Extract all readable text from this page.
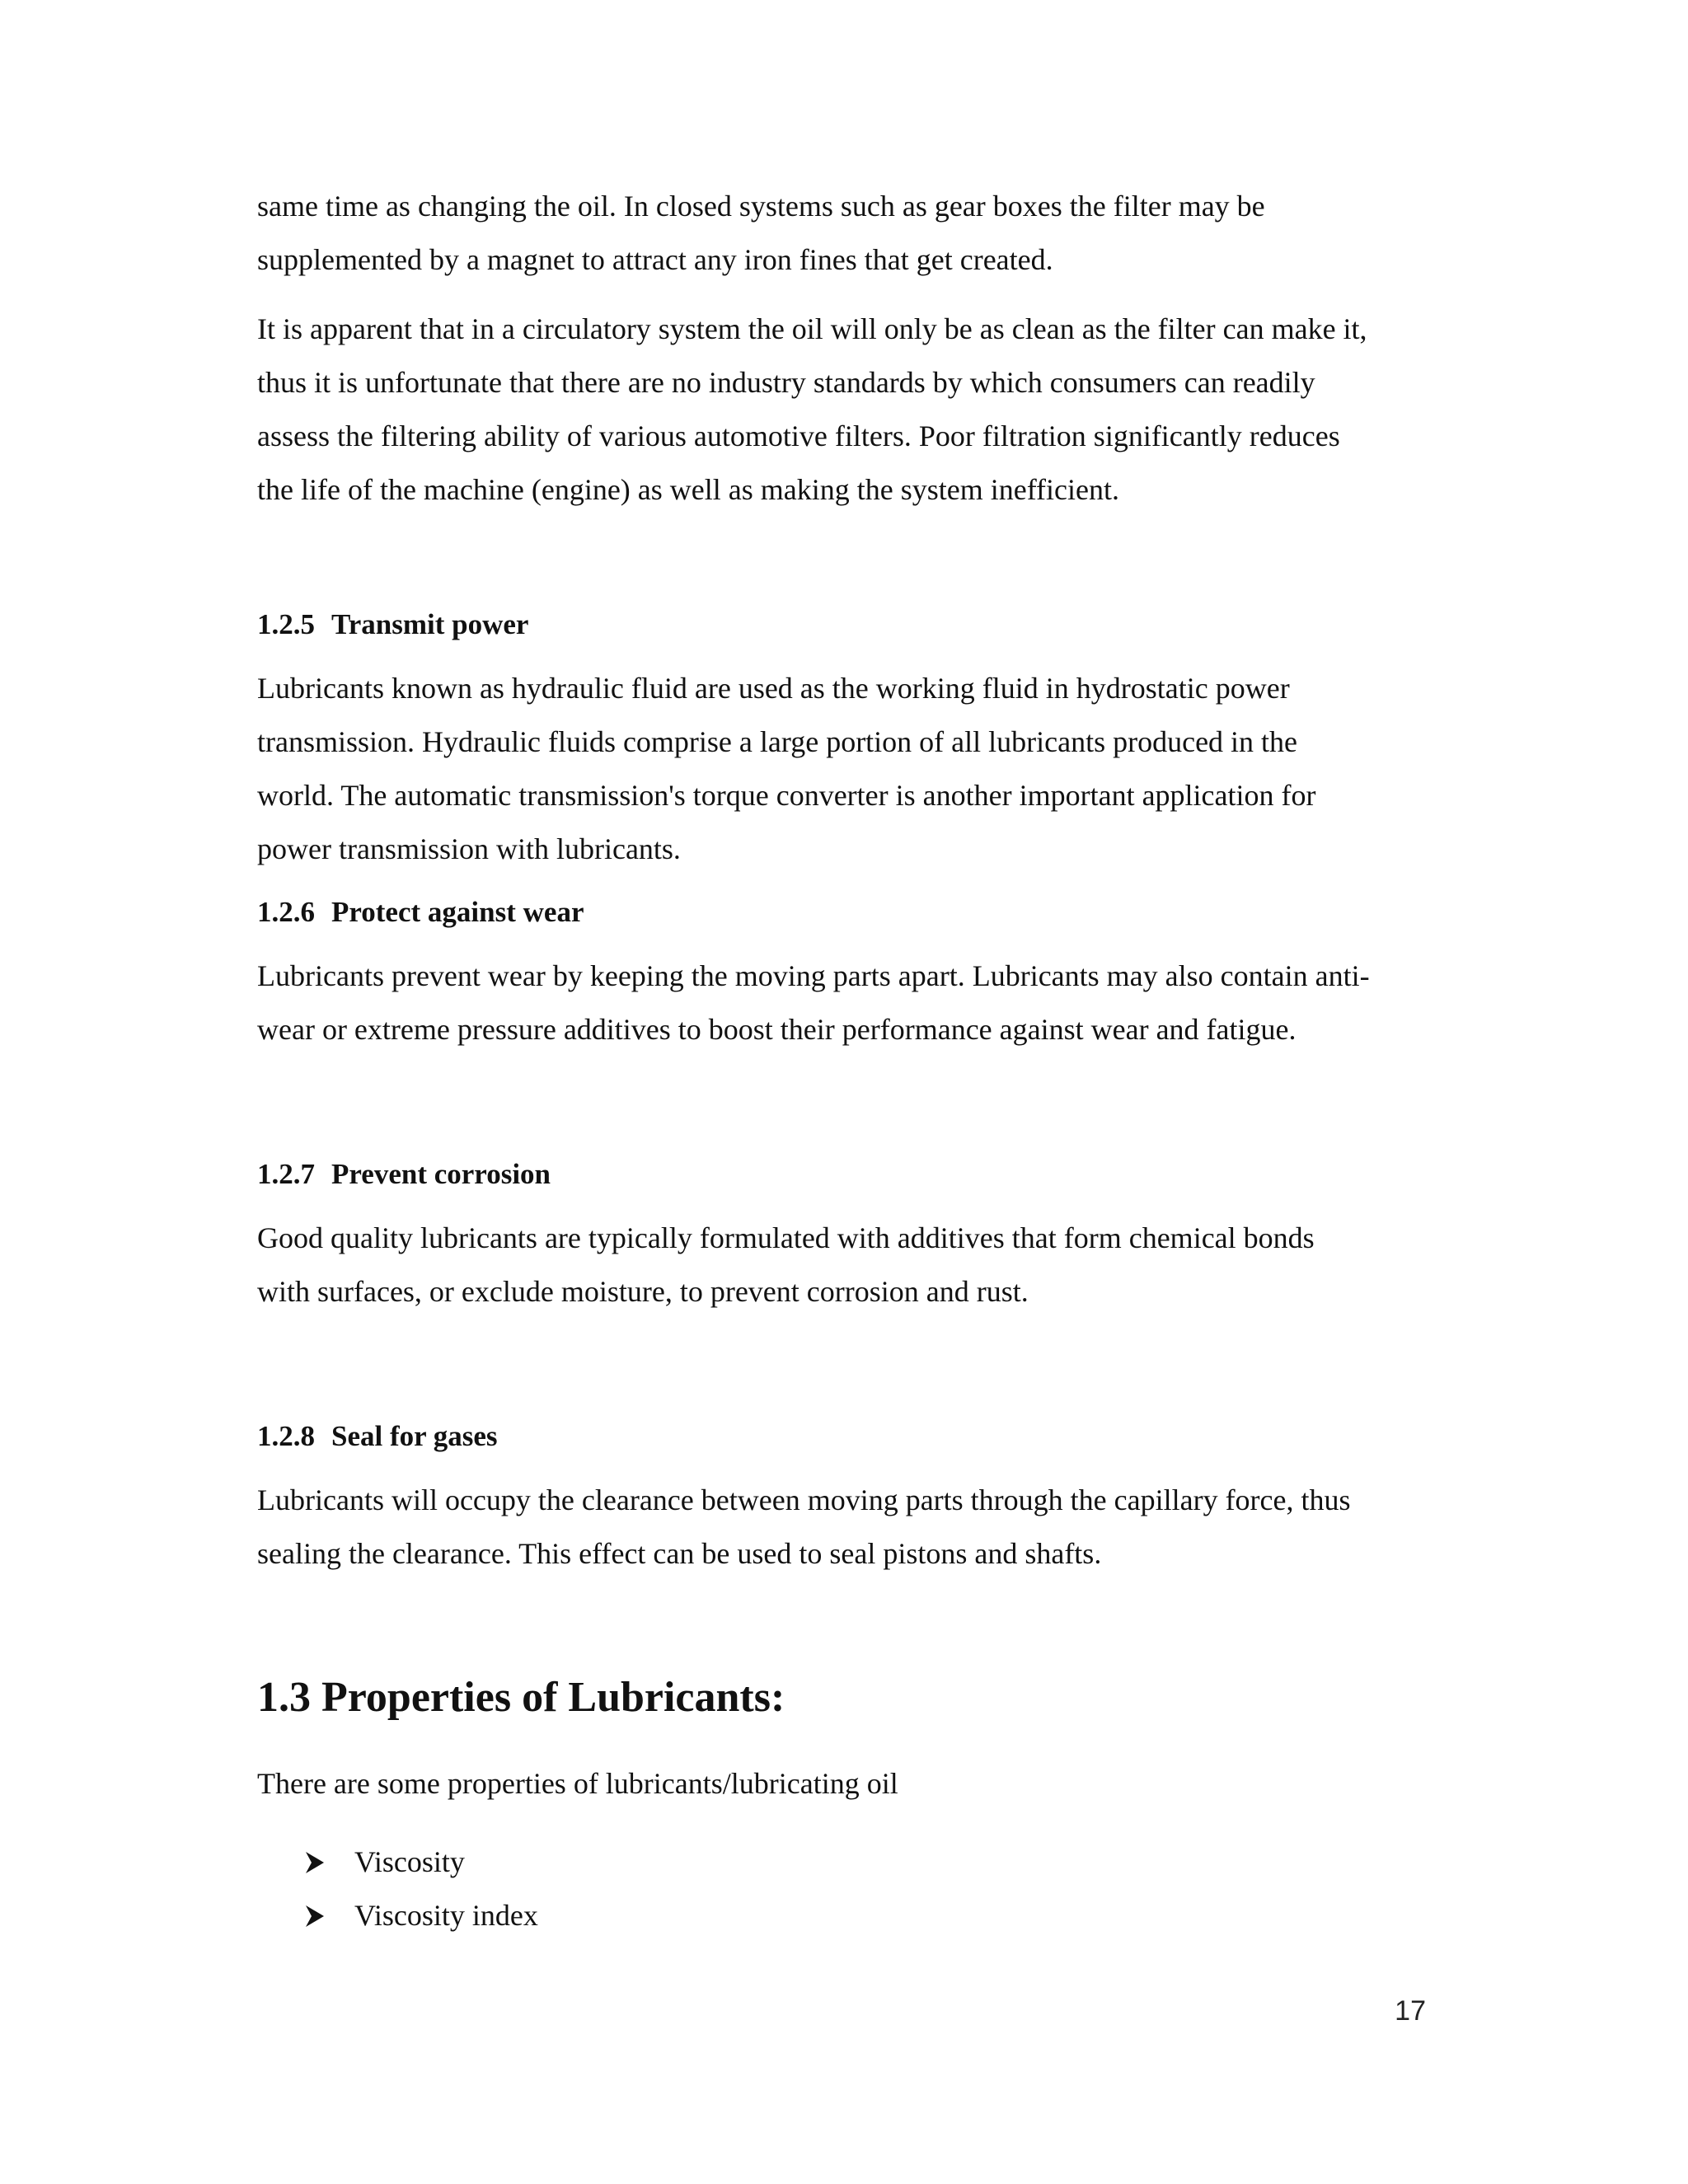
same time as changing the oil. In closed systems such as gear boxes the filter may be
supplemented by a magnet to attract any iron fines that get created.

It is apparent that in a circulatory system the oil will only be as clean as the filter can make it,
thus it is unfortunate that there are no industry standards by which consumers can readily
assess the filtering ability of various automotive filters. Poor filtration significantly reduces
the life of the machine (engine) as well as making the system inefficient.

1.2.5 Transmit power

Lubricants known as hydraulic fluid are used as the working fluid in hydrostatic power
transmission. Hydraulic fluids comprise a large portion of all lubricants produced in the
world. The automatic transmission's torque converter is another important application for
power transmission with lubricants.

1.2.6 Protect against wear

Lubricants prevent wear by keeping the moving parts apart. Lubricants may also contain anti-
wear or extreme pressure additives to boost their performance against wear and fatigue.

1.2.7 Prevent corrosion

Good quality lubricants are typically formulated with additives that form chemical bonds
with surfaces, or exclude moisture, to prevent corrosion and rust.

1.2.8 Seal for gases

Lubricants will occupy the clearance between moving parts through the capillary force, thus
sealing the clearance. This effect can be used to seal pistons and shafts.

1.3 Properties of Lubricants:

There are some properties of lubricants/lubricating oil

Viscosity
Viscosity index
17
